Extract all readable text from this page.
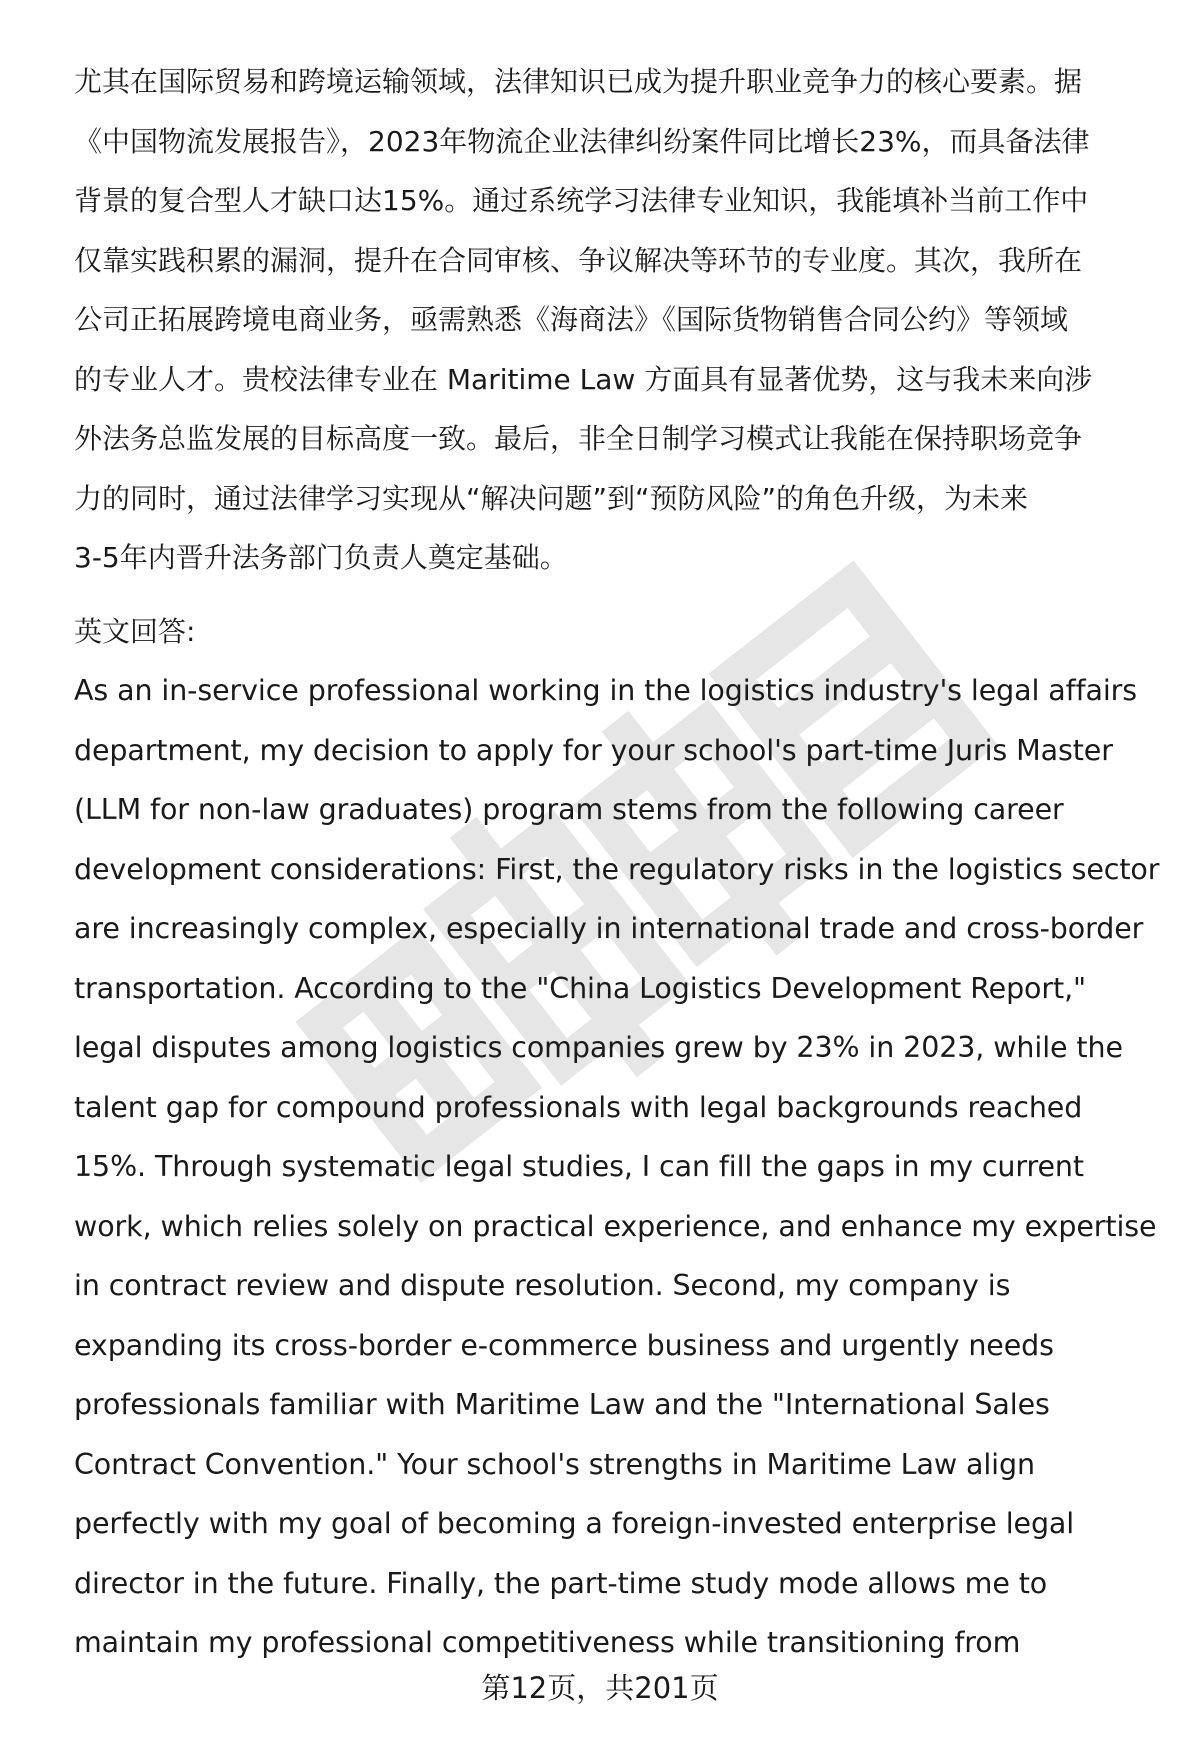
尤其在国际贸易和跨境运输领域，法律知识已成为提升职业竞争力的核心要素。据
《中国物流发展报告》，2023年物流企业法律纠纷案件同比增长23%，而具备法律
背景的复合型人才缺口达15%。通过系统学习法律专业知识，我能填补当前工作中
仅靠实践积累的漏洞，提升在合同审核、争议解决等环节的专业度。其次，我所在
公司正拓展跨境电商业务，亟需熟悉《海商法》《国际货物销售合同公约》等领域
的专业人才。贵校法律专业在 Maritime Law 方面具有显著优势，这与我未来向涉
外法务总监发展的目标高度一致。最后，非全日制学习模式让我能在保持职场竞争
力的同时，通过法律学习实现从“解决问题”到“预防风险”的角色升级，为未来
3-5年内晋升法务部门负责人奠定基础。
英文回答:
As an in-service professional working in the logistics industry's legal affairs
department, my decision to apply for your school's part-time Juris Master
(LLM for non-law graduates) program stems from the following career
development considerations: First, the regulatory risks in the logistics sector
are increasingly complex, especially in international trade and cross-border
transportation. According to the "China Logistics Development Report,"
legal disputes among logistics companies grew by 23% in 2023, while the
talent gap for compound professionals with legal backgrounds reached
15%. Through systematic legal studies, I can fill the gaps in my current
work, which relies solely on practical experience, and enhance my expertise
in contract review and dispute resolution. Second, my company is
expanding its cross-border e-commerce business and urgently needs
professionals familiar with Maritime Law and the "International Sales
Contract Convention." Your school's strengths in Maritime Law align
perfectly with my goal of becoming a foreign-invested enterprise legal
director in the future. Finally, the part-time study mode allows me to
maintain my professional competitiveness while transitioning from
第12页，共201页
